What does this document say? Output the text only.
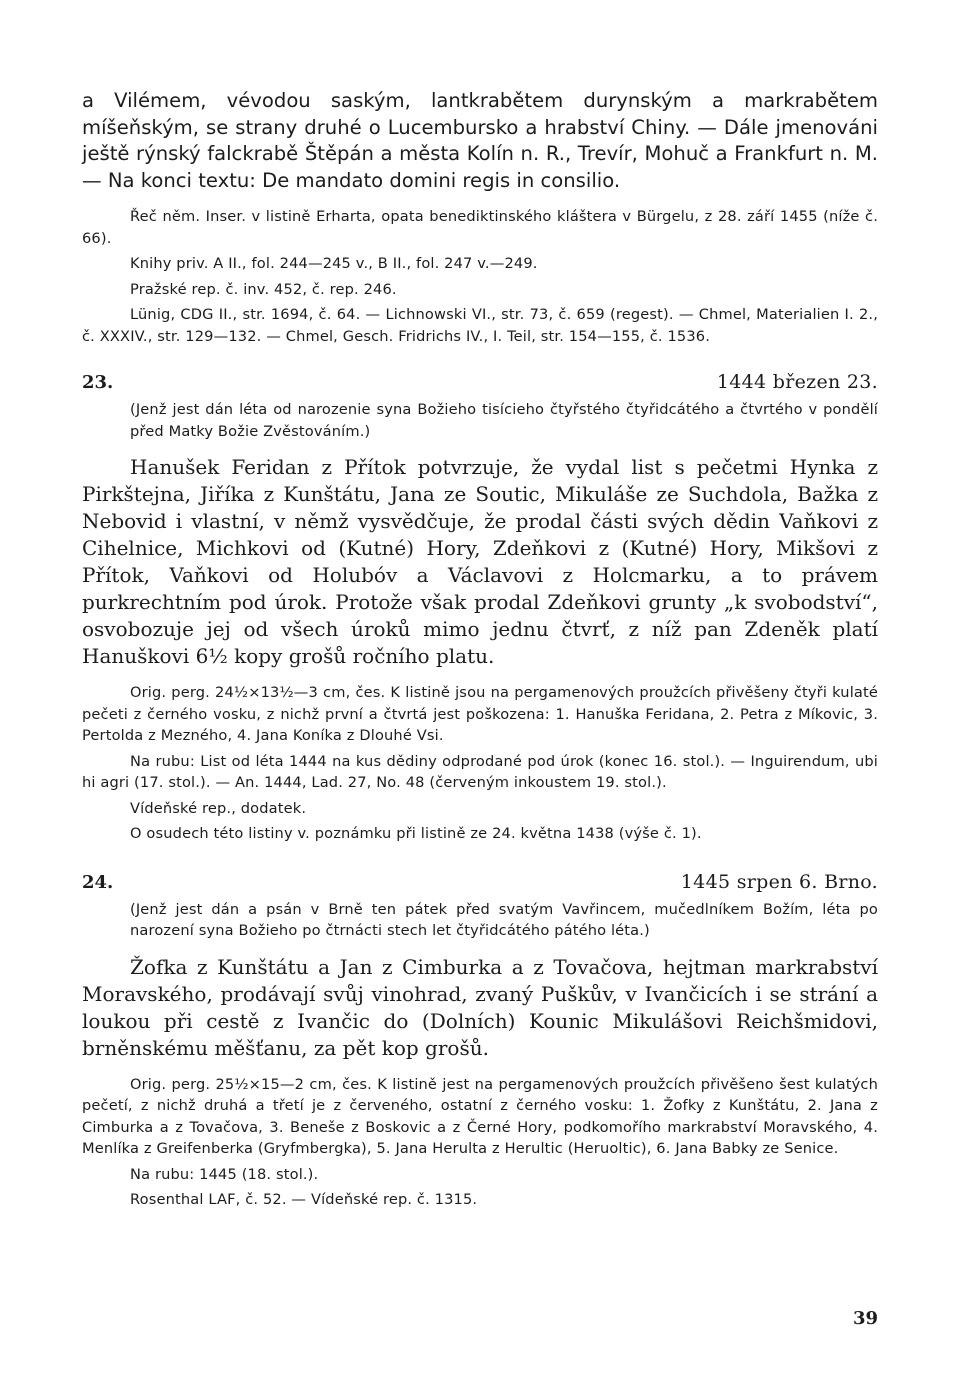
a Vilémem, vévodou saským, lantkrabětem durynským a markrabětem míšeňským, se strany druhé o Lucembursko a hrabství Chiny. — Dále jmenováni ještě rýnský falckrabě Štěpán a města Kolín n. R., Trevír, Mohuč a Frankfurt n. M. — Na konci textu: De mandato domini regis in consilio.

Řeč něm. Inser. v listině Erharta, opata benediktinského kláštera v Bürgelu, z 28. září 1455 (níže č. 66).

Knihy priv. A II., fol. 244—245 v., B II., fol. 247 v.—249.

Pražské rep. č. inv. 452, č. rep. 246.

Lünig, CDG II., str. 1694, č. 64. — Lichnowski VI., str. 73, č. 659 (regest). — Chmel, Materialien I. 2., č. XXXIV., str. 129—132. — Chmel, Gesch. Fridrichs IV., I. Teil, str. 154—155, č. 1536.

23.	1444 březen 23.

(Jenž jest dán léta od narozenie syna Božieho tisícieho čtyřstého čtyřidcátého a čtvrtého v pondělí před Matky Božie Zvěstováním.)

Hanušek Feridan z Přítok potvrzuje, že vydal list s pečetmi Hynka z Pirkštejna, Jiříka z Kunštátu, Jana ze Soutic, Mikuláše ze Suchdola, Bažka z Nebovid i vlastní, v němž vysvědčuje, že prodal části svých dědin Vaňkovi z Cihelnice, Michkovi od (Kutné) Hory, Zdeňkovi z (Kutné) Hory, Mikšovi z Přítok, Vaňkovi od Holubóv a Václavovi z Holcmarku, a to právem purkrechtním pod úrok. Protože však prodal Zdeňkovi grunty „k svobodství“, osvobozuje jej od všech úroků mimo jednu čtvrť, z níž pan Zdeněk platí Hanuškovi 6½ kopy grošů ročního platu.

Orig. perg. 24½×13½—3 cm, čes. K listině jsou na pergamenových proužcích přivěšeny čtyři kulaté pečeti z černého vosku, z nichž první a čtvrtá jest poškozena: 1. Hanuška Feridana, 2. Petra z Míkovic, 3. Pertolda z Mezného, 4. Jana Koníka z Dlouhé Vsi.

Na rubu: List od léta 1444 na kus dědiny odprodané pod úrok (konec 16. stol.). — Inguirendum, ubi hi agri (17. stol.). — An. 1444, Lad. 27, No. 48 (červeným inkoustem 19. stol.).

Vídeňské rep., dodatek.

O osudech této listiny v. poznámku při listině ze 24. května 1438 (výše č. 1).

24.	1445 srpen 6. Brno.

(Jenž jest dán a psán v Brně ten pátek před svatým Vavřincem, mučedlníkem Božím, léta po narození syna Božieho po čtrnácti stech let čtyřidcátého pátého léta.)

Žofka z Kunštátu a Jan z Cimburka a z Tovačova, hejtman markrabství Moravského, prodávají svůj vinohrad, zvaný Puškův, v Ivančicích i se strání a loukou při cestě z Ivančic do (Dolních) Kounic Mikulášovi Reichšmidovi, brněnskému měšťanu, za pět kop grošů.

Orig. perg. 25½×15—2 cm, čes. K listině jest na pergamenových proužcích přivěšeno šest kulatých pečetí, z nichž druhá a třetí je z červeného, ostatní z černého vosku: 1. Žofky z Kunštátu, 2. Jana z Cimburka a z Tovačova, 3. Beneše z Boskovic a z Černé Hory, podkomořího markrabství Moravského, 4. Menlíka z Greifenberka (Gryfmbergka), 5. Jana Herulta z Herultic (Heruoltic), 6. Jana Babky ze Senice.

Na rubu: 1445 (18. stol.).

Rosenthal LAF, č. 52. — Vídeňské rep. č. 1315.

39
